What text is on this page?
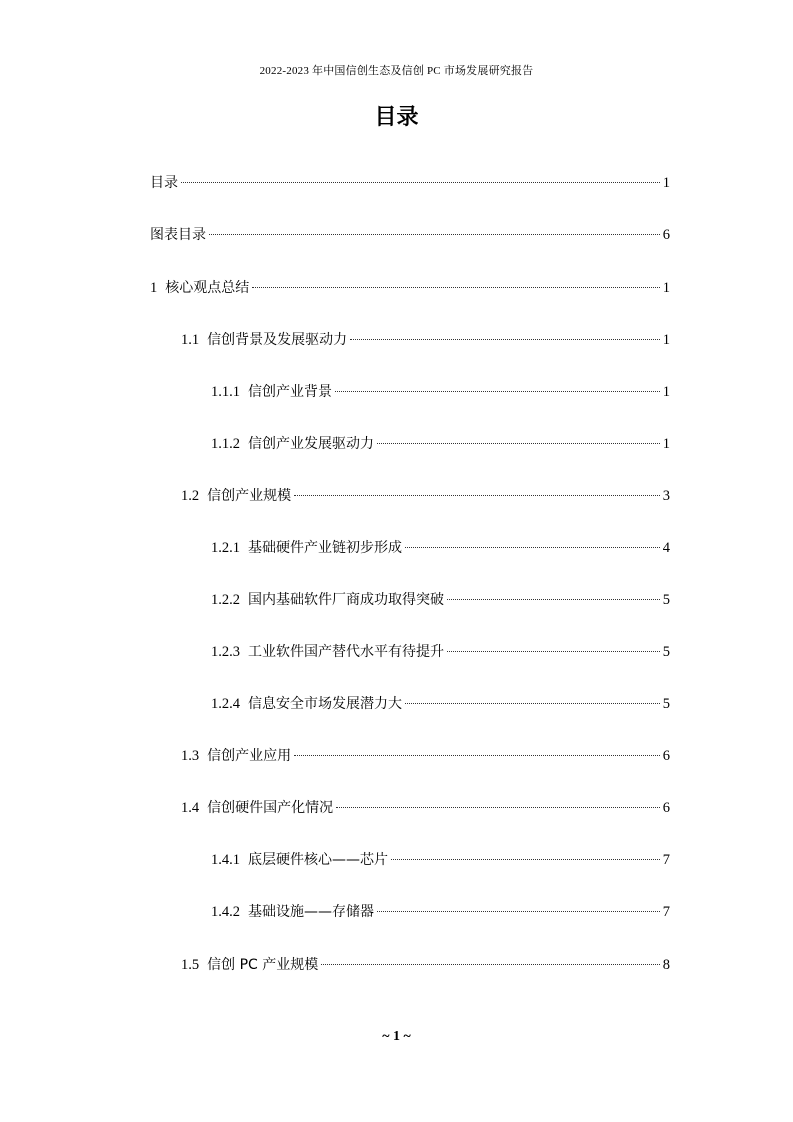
2022-2023 年中国信创生态及信创 PC 市场发展研究报告
目录
目录	1
图表目录	6
1 核心观点总结	1
1.1 信创背景及发展驱动力	1
1.1.1 信创产业背景	1
1.1.2 信创产业发展驱动力	1
1.2 信创产业规模	3
1.2.1 基础硬件产业链初步形成	4
1.2.2 国内基础软件厂商成功取得突破	5
1.2.3 工业软件国产替代水平有待提升	5
1.2.4 信息安全市场发展潜力大	5
1.3 信创产业应用	6
1.4 信创硬件国产化情况	6
1.4.1 底层硬件核心——芯片	7
1.4.2 基础设施——存储器	7
1.5 信创 PC 产业规模	8
~ 1 ~
